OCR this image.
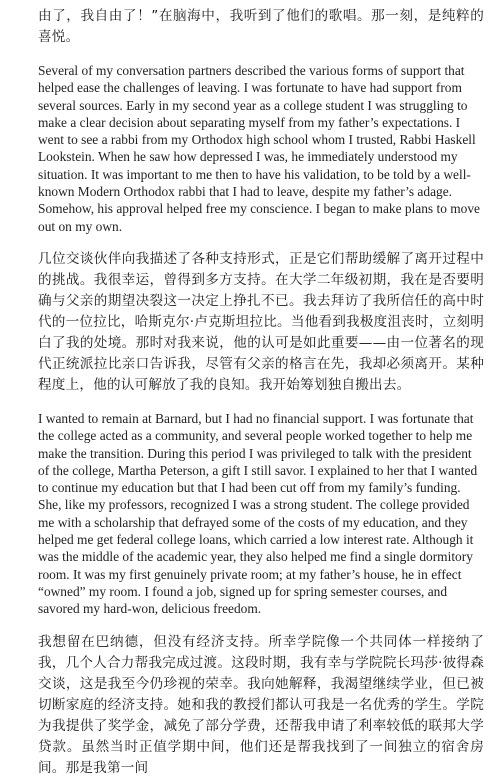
由了，我自由了！”在脑海中，我听到了他们的歌唱。那一刻，是纯粹的喜悦。

Several of my conversation partners described the various forms of support that helped ease the challenges of leaving. I was fortunate to have had support from several sources. Early in my second year as a college student I was struggling to make a clear decision about separating myself from my father’s expectations. I went to see a rabbi from my Orthodox high school whom I trusted, Rabbi Haskell Lookstein. When he saw how depressed I was, he immediately understood my situation. It was important to me then to have his validation, to be told by a well-known Modern Orthodox rabbi that I had to leave, despite my father’s adage. Somehow, his approval helped free my conscience. I began to make plans to move out on my own.

几位交谈伙伴向我描述了各种支持形式，正是它们帮助缓解了离开过程中的挑战。我很幸运，曾得到多方支持。在大学二年级初期，我在是否要明确与父亲的期望决裂这一决定上挣扎不已。我去拜访了我所信任的高中时代的一位拉比，哈斯克尔·卢克斯坦拉比。当他看到我极度沮丧时，立刻明白了我的处境。那时对我来说，他的认可是如此重要——由一位著名的现代正统派拉比亲口告诉我，尽管有父亲的格言在先，我却必须离开。某种程度上，他的认可解放了我的良知。我开始筹划独自搬出去。

I wanted to remain at Barnard, but I had no financial support. I was fortunate that the college acted as a community, and several people worked together to help me make the transition. During this period I was privileged to talk with the president of the college, Martha Peterson, a gift I still savor. I explained to her that I wanted to continue my education but that I had been cut off from my family’s funding. She, like my professors, recognized I was a strong student. The college provided me with a scholarship that defrayed some of the costs of my education, and they helped me get federal college loans, which carried a low interest rate. Although it was the middle of the academic year, they also helped me find a single dormitory room. It was my first genuinely private room; at my father’s house, he in effect “owned” my room. I found a job, signed up for spring semester courses, and savored my hard-won, delicious freedom.

我想留在巴纳德，但没有经济支持。所幸学院像一个共同体一样接纳了我，几个人合力帮我完成过渡。这段时期，我有幸与学院院长玛莎·彼得森交谈，这是我至今仍珍视的荣幸。我向她解释，我渴望继续学业，但已被切断家庭的经济支持。她和我的教授们都认可我是一名优秀的学生。学院为我提供了奖学金，减免了部分学费，还帮我申请了利率较低的联邦大学贷款。虽然当时正值学期中间，他们还是帮我找到了一间独立的宿舍房间。那是我第一间
